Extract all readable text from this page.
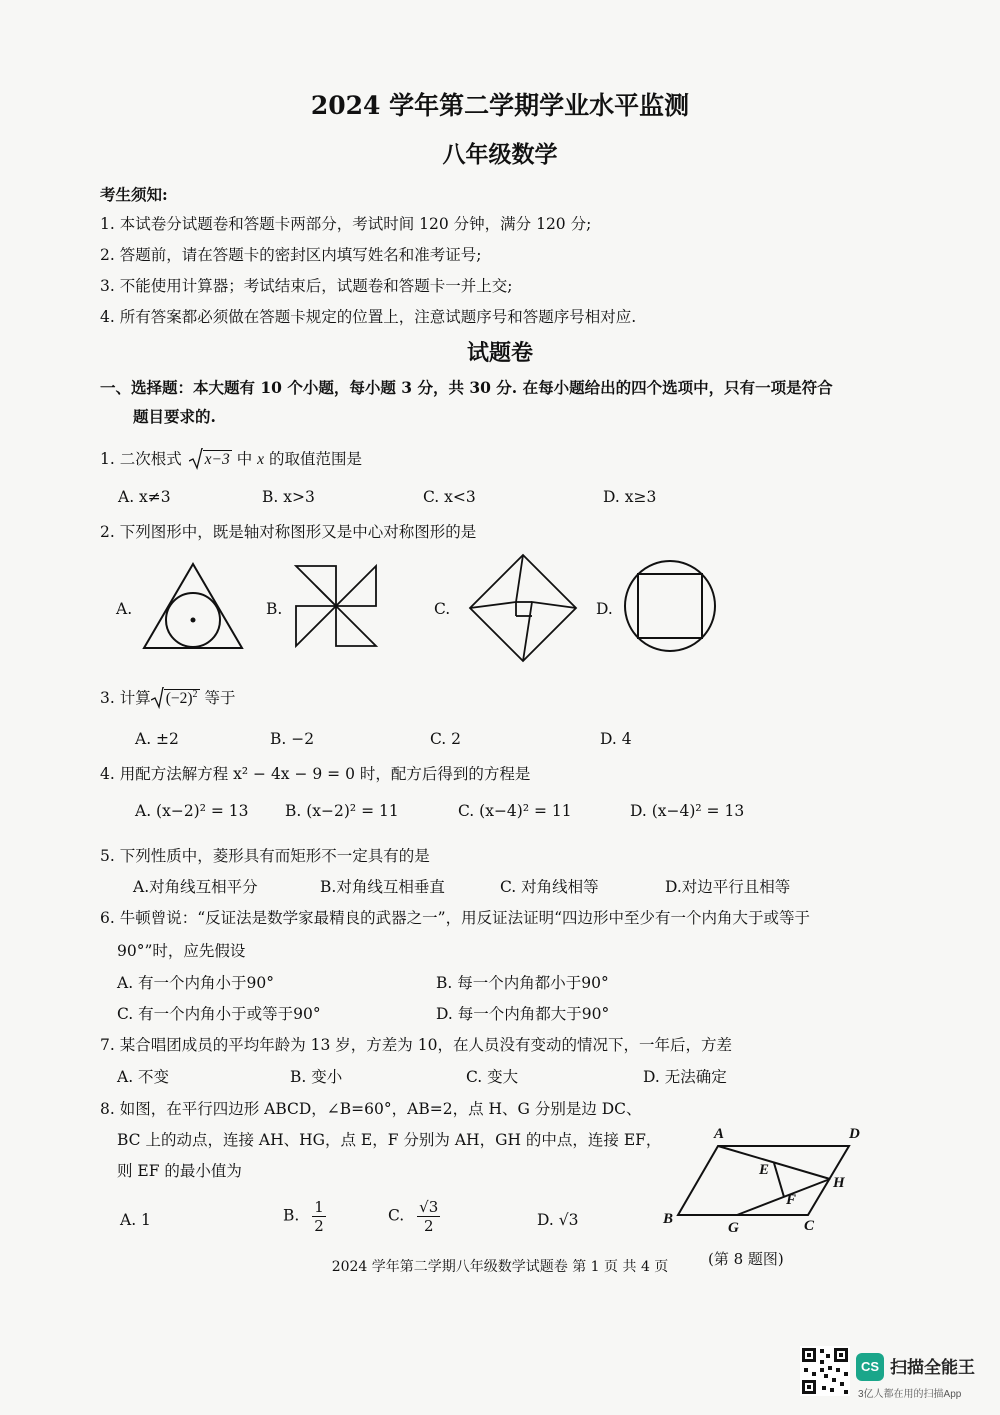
2024 学年第二学期学业水平监测
八年级数学
考生须知:
1. 本试卷分试题卷和答题卡两部分，考试时间 120 分钟，满分 120 分;
2. 答题前，请在答题卡的密封区内填写姓名和准考证号;
3. 不能使用计算器；考试结束后，试题卷和答题卡一并上交;
4. 所有答案都必须做在答题卡规定的位置上，注意试题序号和答题序号相对应.
试题卷
一、选择题：本大题有 10 个小题，每小题 3 分，共 30 分. 在每小题给出的四个选项中，只有一项是符合
题目要求的.
1. 二次根式 x−3 中 x 的取值范围是
A. x≠3	B. x>3	C. x<3	D. x≥3
2. 下列图形中，既是轴对称图形又是中心对称图形的是
A.	B.	C.	D.
3. 计算 $(-2)^2$ 等于
A. ±2	B. −2	C. 2	D. 4
4. 用配方法解方程 x² − 4x − 9 = 0 时，配方后得到的方程是
A. (x−2)² = 13 B. (x−2)² = 11	C. (x−4)² = 11	D. (x−4)² = 13
5. 下列性质中，菱形具有而矩形不一定具有的是
A.对角线互相平分	B.对角线互相垂直	C. 对角线相等	D.对边平行且相等
6. 牛顿曾说：“反证法是数学家最精良的武器之一”，用反证法证明“四边形中至少有一个内角大于或等于
90°”时，应先假设
A. 有一个内角小于90°	B. 每一个内角都小于90°
C. 有一个内角小于或等于90°	D. 每一个内角都大于90°
7. 某合唱团成员的平均年龄为 13 岁，方差为 10，在人员没有变动的情况下，一年后，方差
A. 不变	B. 变小	C. 变大	D. 无法确定
8. 如图，在平行四边形 ABCD，∠B=60°，AB=2，点 H、G 分别是边 DC、
BC 上的动点，连接 AH、HG，点 E，F 分别为 AH，GH 的中点，连接 EF，
则 EF 的最小值为
A. 1	B. $\frac{1}{2}$	C. $\frac{√3}{2}$	D. √3
A	D
E
H
F
B
G	C
(第 8 题图)
2024 学年第二学期八年级数学试题卷 第 1 页 共 4 页
CS 扫描全能王
3亿人都在用的扫描App
